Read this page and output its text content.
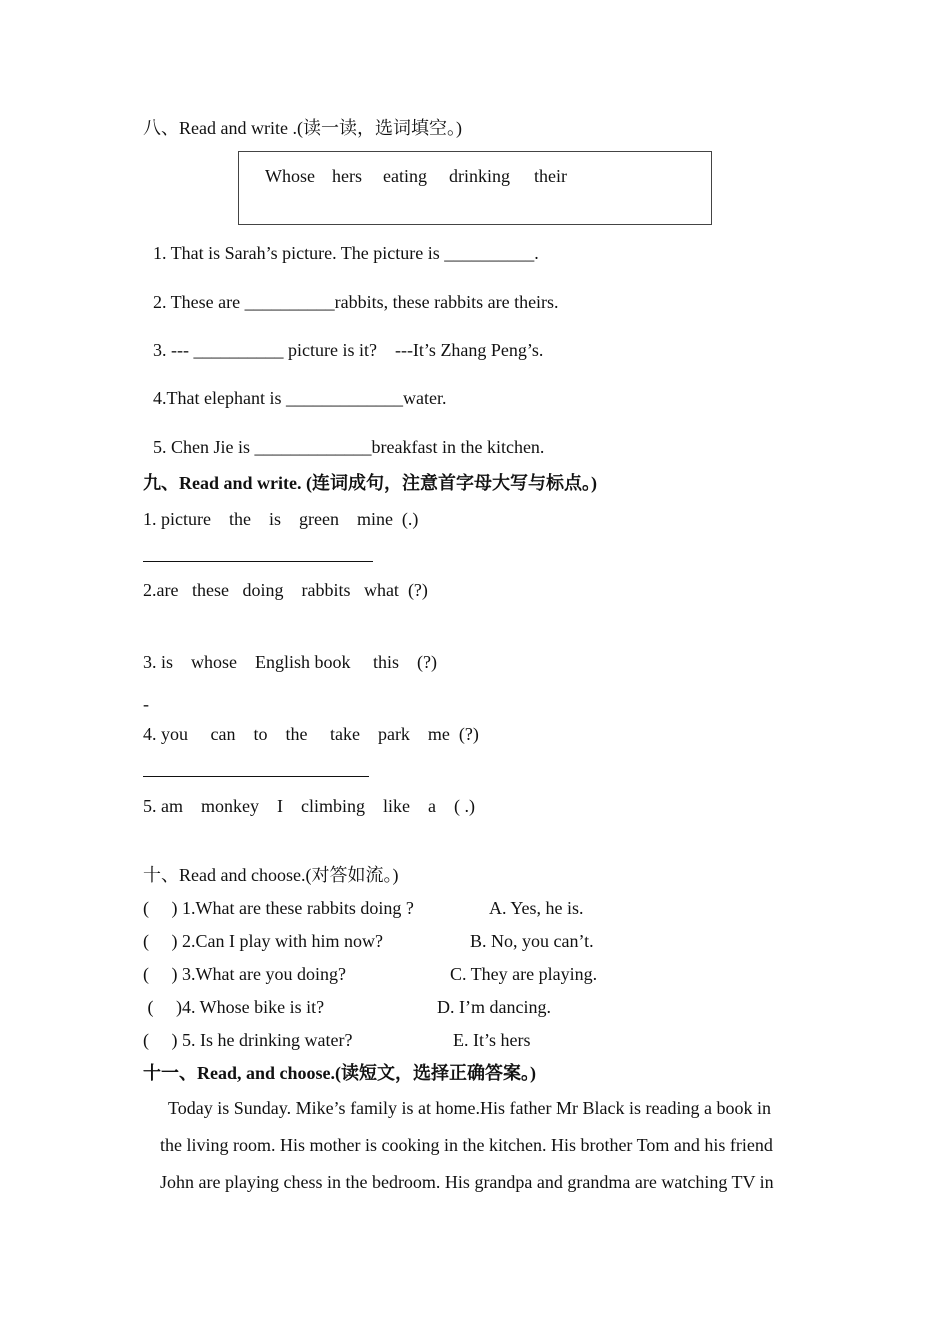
八、Read and write .(读一读，选词填空。)
Whose hers eating drinking their
1. That is Sarah’s picture. The picture is __________.
2. These are __________rabbits, these rabbits are theirs.
3. --- __________ picture is it?    ---It’s Zhang Peng’s.
4.That elephant is _____________water.
5. Chen Jie is _____________breakfast in the kitchen.
九、Read and write. (连词成句，注意首字母大写与标点。)
1. picture    the    is    green    mine  (.)
2.are   these   doing    rabbits   what  (?)
3. is    whose    English book     this    (?)
-
4. you     can    to    the     take    park    me  (?)
5. am    monkey    I    climbing    like    a    ( .)
十、Read and choose.(对答如流。)
(     ) 1.What are these rabbits doing ?	A. Yes, he is.
(     ) 2.Can I play with him now?	B. No, you can’t.
(     ) 3.What are you doing?	C. They are playing.
(     )4. Whose bike is it?	D. I’m dancing.
(     ) 5. Is he drinking water?	E. It’s hers
十一、Read, and choose.(读短文，选择正确答案。)
Today is Sunday. Mike’s family is at home.His father Mr Black is reading a book in
the living room. His mother is cooking in the kitchen. His brother Tom and his friend
John are playing chess in the bedroom. His grandpa and grandma are watching TV in
